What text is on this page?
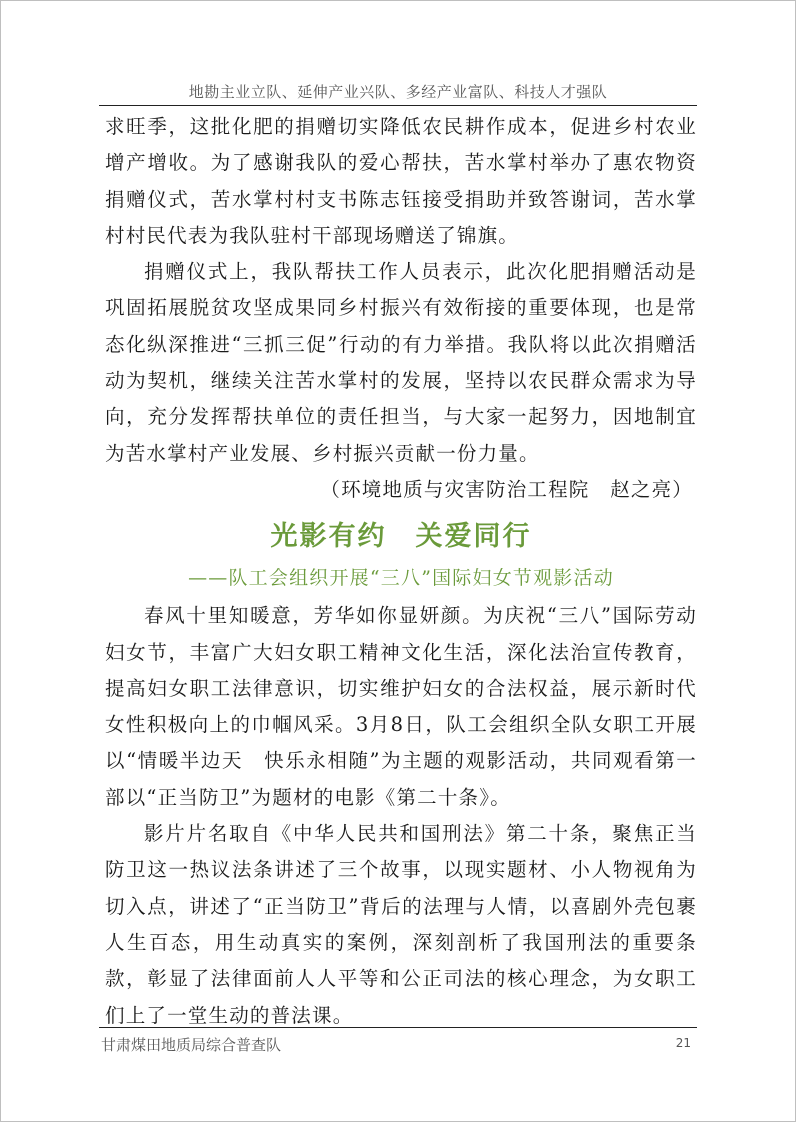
地勘主业立队、延伸产业兴队、多经产业富队、科技人才强队

求旺季，这批化肥的捐赠切实降低农民耕作成本，促进乡村农业增产增收。为了感谢我队的爱心帮扶，苦水掌村举办了惠农物资捐赠仪式，苦水掌村村支书陈志钰接受捐助并致答谢词，苦水掌村村民代表为我队驻村干部现场赠送了锦旗。

捐赠仪式上，我队帮扶工作人员表示，此次化肥捐赠活动是巩固拓展脱贫攻坚成果同乡村振兴有效衔接的重要体现，也是常态化纵深推进“三抓三促”行动的有力举措。我队将以此次捐赠活动为契机，继续关注苦水掌村的发展，坚持以农民群众需求为导向，充分发挥帮扶单位的责任担当，与大家一起努力，因地制宜为苦水掌村产业发展、乡村振兴贡献一份力量。

（环境地质与灾害防治工程院　赵之亮）

光影有约　关爱同行

——队工会组织开展“三八”国际妇女节观影活动

春风十里知暖意，芳华如你显妍颜。为庆祝“三八”国际劳动妇女节，丰富广大妇女职工精神文化生活，深化法治宣传教育，提高妇女职工法律意识，切实维护妇女的合法权益，展示新时代女性积极向上的巾帼风采。3月8日，队工会组织全队女职工开展以“情暖半边天　快乐永相随”为主题的观影活动，共同观看第一部以“正当防卫”为题材的电影《第二十条》。

影片片名取自《中华人民共和国刑法》第二十条，聚焦正当防卫这一热议法条讲述了三个故事，以现实题材、小人物视角为切入点，讲述了“正当防卫”背后的法理与人情，以喜剧外壳包裹人生百态，用生动真实的案例，深刻剖析了我国刑法的重要条款，彰显了法律面前人人平等和公正司法的核心理念，为女职工们上了一堂生动的普法课。

甘肃煤田地质局综合普查队	21
